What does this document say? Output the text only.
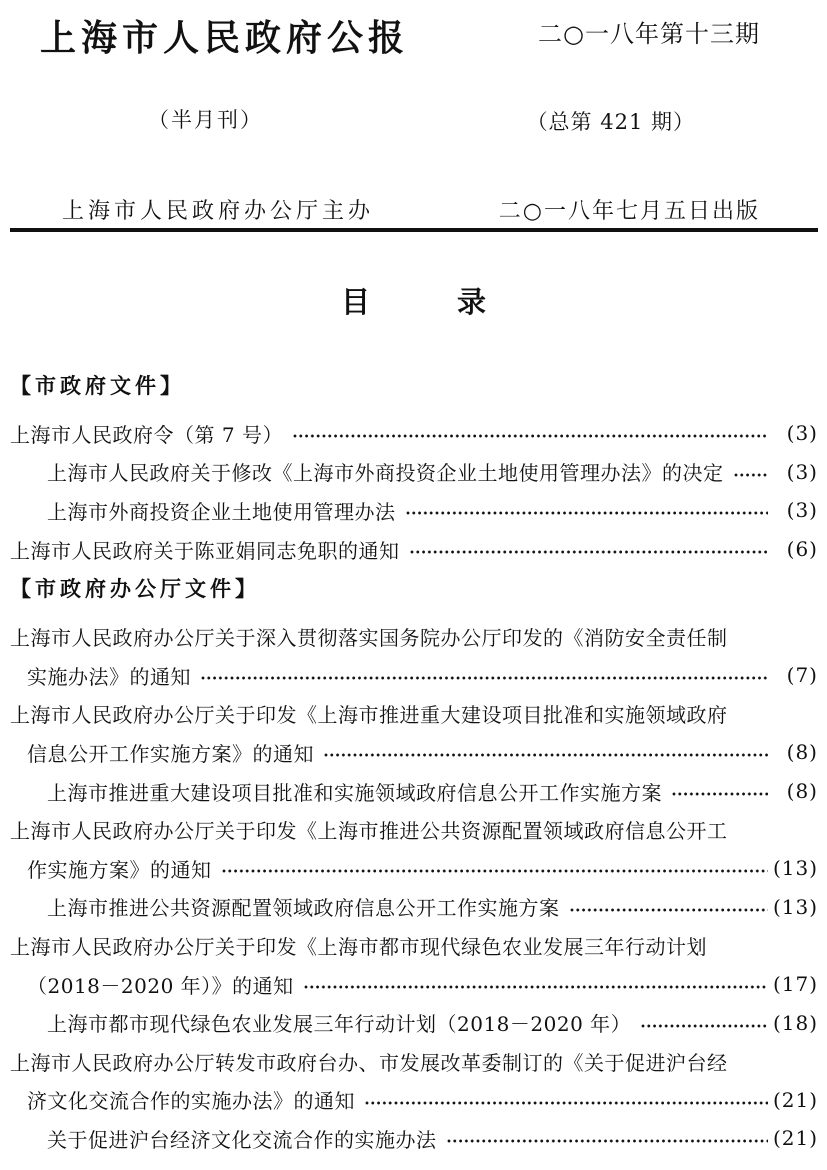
上海市人民政府公报	二○一八年第十三期
（半月刊）	（总第 421 期）
上海市人民政府办公厅主办	二○一八年七月五日出版
目　　　录
【市政府文件】
上海市人民政府令（第 7 号）	(3)
上海市人民政府关于修改《上海市外商投资企业土地使用管理办法》的决定	(3)
上海市外商投资企业土地使用管理办法	(3)
上海市人民政府关于陈亚娟同志免职的通知	(6)
【市政府办公厅文件】
上海市人民政府办公厅关于深入贯彻落实国务院办公厅印发的《消防安全责任制
实施办法》的通知	(7)
上海市人民政府办公厅关于印发《上海市推进重大建设项目批准和实施领域政府
信息公开工作实施方案》的通知	(8)
上海市推进重大建设项目批准和实施领域政府信息公开工作实施方案	(8)
上海市人民政府办公厅关于印发《上海市推进公共资源配置领域政府信息公开工
作实施方案》的通知	(13)
上海市推进公共资源配置领域政府信息公开工作实施方案	(13)
上海市人民政府办公厅关于印发《上海市都市现代绿色农业发展三年行动计划
（2018－2020 年）》的通知	(17)
上海市都市现代绿色农业发展三年行动计划（2018－2020 年）	(18)
上海市人民政府办公厅转发市政府台办、市发展改革委制订的《关于促进沪台经
济文化交流合作的实施办法》的通知	(21)
关于促进沪台经济文化交流合作的实施办法	(21)
